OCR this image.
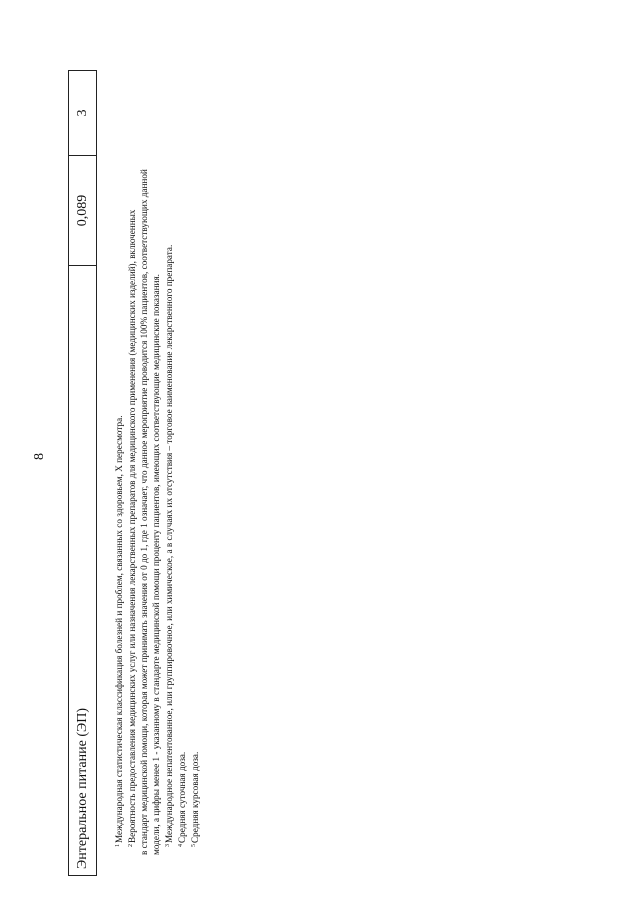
8
Энтеральное питание (ЭП)	0,089	3
$^1$Международная статистическая классификация болезней и проблем, связанных со здоровьем, X пересмотра.
$^2$Вероятность предоставления медицинских услуг или назначения лекарственных препаратов для медицинского применения (медицинских изделий), включенных в стандарт медицинской помощи, которая может принимать значения от 0 до 1, где 1 означает, что данное мероприятие проводится 100% пациентов, соответствующих данной модели, а цифры менее 1 - указанному в стандарте медицинской помощи проценту пациентов, имеющих соответствующие медицинские показания. $^3$Международное непатентованное, или группировочное, или химическое, а в случаях их отсутствия – торговое наименование лекарственного препарата.
$^4$Средняя суточная доза.
$^5$Средняя курсовая доза.
